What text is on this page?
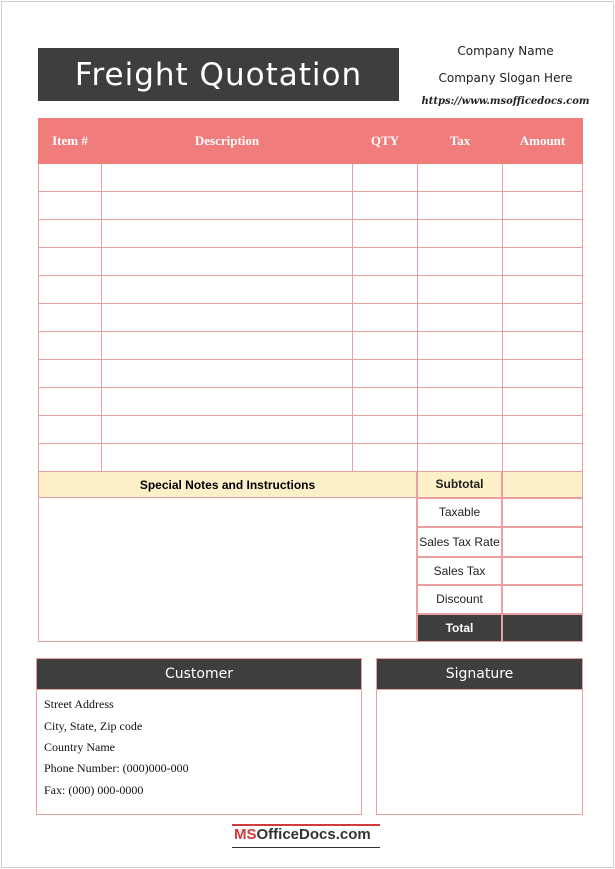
Freight Quotation
Company Name
Company Slogan Here
https://www.msofficedocs.com
Item #	Description	QTY	Tax	Amount

Special Notes and Instructions	Subtotal
Taxable
Sales Tax Rate
Sales Tax
Discount
Total
Customer
Street Address
City, State, Zip code
Country Name
Phone Number: (000)000-000
Fax: (000) 000-0000
Signature
MSOfficeDocs.com
